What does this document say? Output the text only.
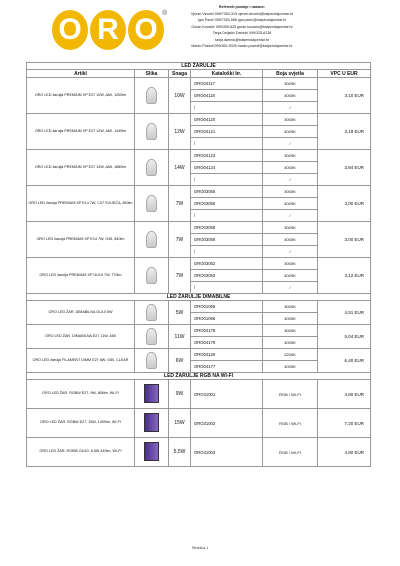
O R O ®
Referenti prodaje i nabave:
Vjeran Vinceki 099/7353-315 vjeran.vinceki@batpendajcentar.hr
Igor Pavić 099/7353-586 igor.pavic@batpendajcentar.hr
Goran Kovačić 099/395-625 goran.kovacic@batpendajcentar.hr
Tanja Deljačić Damnić 099/325-6138
tanja.damnic@batpendajcentar.hr
Marko Posedi 099/363-9025 marko.posedi@batpendajcentar.hr
LED ŽARULJE					
Artikl	Slika	Snaga	Kataloški br.	Boja svjetla	VPC U EUR
ORO LED žarulja PREMIUM XP E27 10W, A60, 1200lm		10W	ORO04117	3000K	3,10 EUR
			ORO04118	4000K	
			/	/	
ORO LED žarulja PREMIUM XP E27 12W, A60, 1440lm		12W	ORO04120	3000K	3,18 EUR
			ORO04121	4000K	
			/	/	
ORO LED žarulja PREMIUM XP E27 14W, A65, 1680lm		14W	ORO04123	3000K	3,84 EUR
			ORO04124	4000K	
			/	/	
ORO LED žarulja PREMIUM XP E14 7W, C37 SVIJEĆA, 840lm		7W	ORO03055	3000K	3,00 EUR
			ORO03056	4000K	
			/	/	
ORO LED žarulja PREMIUM XP E14 7W, G45, 840lm		7W	ORO03058	3000K	3,00 EUR
			ORO03059	4000K	
			/	/	
ORO LED žarulja PREMIUM XP GU10 7W, 770lm		7W	ORO03052	3000K	3,12 EUR
			ORO03053	4000K	
			/	/	
LED ŽARULJE DIMABILNE					
ORO LED ŽAR. DIMABILNA GU10 5W		5W	ORO01065	3000K	4,51 EUR
			ORO01066	4000K	
ORO LED ŽAR. DIMABILNA E27 11W, A60		11W	ORO04178	3000K	5,04 EUR
			ORO04179	4000K	
ORO LED žarulja FILAMENT DIMM E27 6W, G80, CLEAR		6W	ORO04129	2200K	6,40 EUR
			ORO04177	4000K	
LED ŽARULJE RGB NA WI-FI					
ORO LED ŽAR. RGBW E27, 9W, 806lm, WI-FI		9W	ORO31001	RGB / WI-FI	4,80 EUR
ORO LED ŽAR. RGBW E27, 15W, 1400lm, WI-FI		15W	ORO31002	RGB / WI-FI	7,20 EUR
ORO LED ŽAR. RGBW GU10, 5,5W 440lm, WI-FI		5,5W	ORO31003	RGB / WI-FI	4,80 EUR
Stranica 1
